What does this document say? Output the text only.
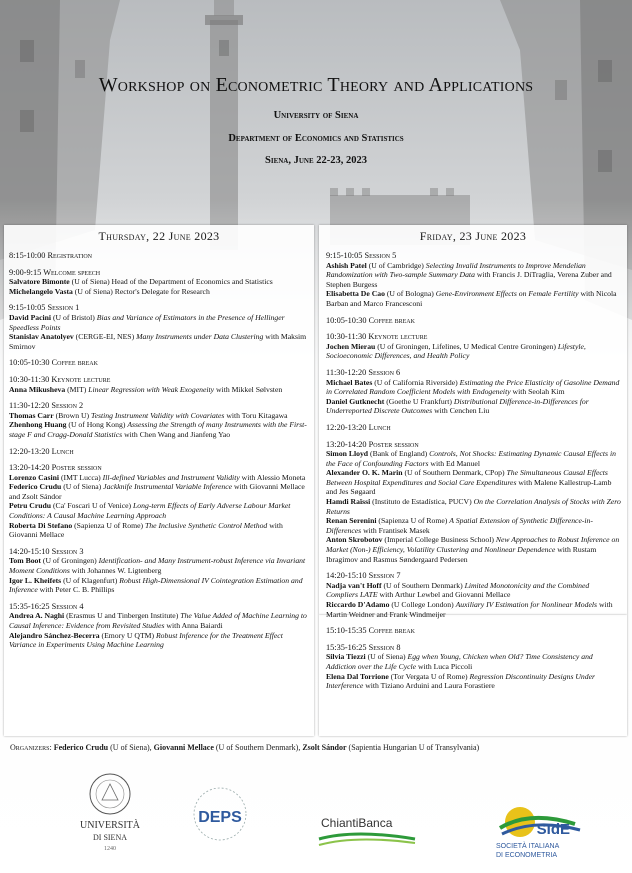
Workshop on Econometric Theory and Applications
University of Siena
Department of Economics and Statistics
Siena, June 22-23, 2023
Thursday, 22 June 2023	Friday, 23 June 2023
8:15-10:00 Registration
9:00-9:15 Welcome speech
Salvatore Bimonte (U of Siena) Head of the Department of Economics and Statistics
Michelangelo Vasta (U of Siena) Rector's Delegate for Research
9:15-10:05 Session 1
David Pacini (U of Bristol) Bias and Variance of Estimators in the Presence of Hellinger Speedless Points
Stanislav Anatolyev (CERGE-EI, NES) Many Instruments under Data Clustering with Maksim Smirnov
10:05-10:30 Coffee break
10:30-11:30 Keynote lecture
Anna Mikusheva (MIT) Linear Regression with Weak Exogeneity with Mikkel Sølvsten
11:30-12:20 Session 2
Thomas Carr (Brown U) Testing Instrument Validity with Covariates with Toru Kitagawa
Zhenhong Huang (U of Hong Kong) Assessing the Strength of many Instruments with the First-stage F and Cragg-Donald Statistics with Chen Wang and Jianfeng Yao
12:20-13:20 Lunch
13:20-14:20 Poster session
Lorenzo Casini (IMT Lucca) Ill-defined Variables and Instrument Validity with Alessio Moneta
Federico Crudu (U of Siena) Jackknife Instrumental Variable Inference with Giovanni Mellace and Zsolt Sándor
Petru Crudu (Ca' Foscari U of Venice) Long-term Effects of Early Adverse Labour Market Conditions: A Causal Machine Learning Approach
Roberta Di Stefano (Sapienza U of Rome) The Inclusive Synthetic Control Method with Giovanni Mellace
14:20-15:10 Session 3
Tom Boot (U of Groningen) Identification- and Many Instrument-robust Inference via Invariant Moment Conditions with Johannes W. Ligtenberg
Igor L. Kheifets (U of Klagenfurt) Robust High-Dimensional IV Cointegration Estimation and Inference with Peter C. B. Phillips
15:35-16:25 Session 4
Andrea A. Naghi (Erasmus U and Tinbergen Institute) The Value Added of Machine Learning to Causal Inference: Evidence from Revisited Studies with Anna Baiardi
Alejandro Sánchez-Becerra (Emory U QTM) Robust Inference for the Treatment Effect Variance in Experiments Using Machine Learning
9:15-10:05 Session 5
Ashish Patel (U of Cambridge) Selecting Invalid Instruments to Improve Mendelian Randomization with Two-sample Summary Data with Francis J. DiTraglia, Verena Zuber and Stephen Burgess
Elisabetta De Cao (U of Bologna) Gene-Environment Effects on Female Fertility with Nicola Barban and Marco Francesconi
10:05-10:30 Coffee break
10:30-11:30 Keynote lecture
Jochen Mierau (U of Groningen, Lifelines, U Medical Centre Groningen) Lifestyle, Socioeconomic Differences, and Health Policy
11:30-12:20 Session 6
Michael Bates (U of California Riverside) Estimating the Price Elasticity of Gasoline Demand in Correlated Random Coefficient Models with Endogeneity with Seolah Kim
Daniel Gutknecht (Goethe U Frankfurt) Distributional Difference-in-Differences for Underreported Discrete Outcomes with Cenchen Liu
12:20-13:20 Lunch
13:20-14:20 Poster session
Simon Lloyd (Bank of England) Controls, Not Shocks: Estimating Dynamic Causal Effects in the Face of Confounding Factors with Ed Manuel
Alexander O. K. Marin (U of Southern Denmark, CPop) The Simultaneous Causal Effects Between Hospital Expenditures and Social Care Expenditures with Malene Kallestrup-Lamb and Jes Søgaard
Hamdi Raïssi (Instituto de Estadística, PUCV) On the Correlation Analysis of Stocks with Zero Returns
Renan Serenini (Sapienza U of Rome) A Spatial Extension of Synthetic Difference-in-Differences with Frantisek Masek
Anton Skrobotov (Imperial College Business School) New Approaches to Robust Inference on Market (Non-) Efficiency, Volatility Clustering and Nonlinear Dependence with Rustam Ibragimov and Rasmus Søndergaard Pedersen
14:20-15:10 Session 7
Nadja van't Hoff (U of Southern Denmark) Limited Monotonicity and the Combined Compliers LATE with Arthur Lewbel and Giovanni Mellace
Riccardo D'Adamo (U College London) Auxiliary IV Estimation for Nonlinear Models with Martin Weidner and Frank Windmeijer
15:10-15:35 Coffee break
15:35-16:25 Session 8
Silvia Tiezzi (U of Siena) Egg when Young, Chicken when Old? Time Consistency and Addiction over the Life Cycle with Luca Piccoli
Elena Dal Torrione (Tor Vergata U of Rome) Regression Discontinuity Designs Under Interference with Tiziano Arduini and Laura Forastiere
Organizers: Federico Crudu (U of Siena), Giovanni Mellace (U of Southern Denmark), Zsolt Sándor (Sapientia Hungarian U of Transylvania)
UNIVERSITÀ
DI SIENA
1240
DEPS	ChiantiBanca	SIdE
SOCIETÀ ITALIANA
DI ECONOMETRIA
